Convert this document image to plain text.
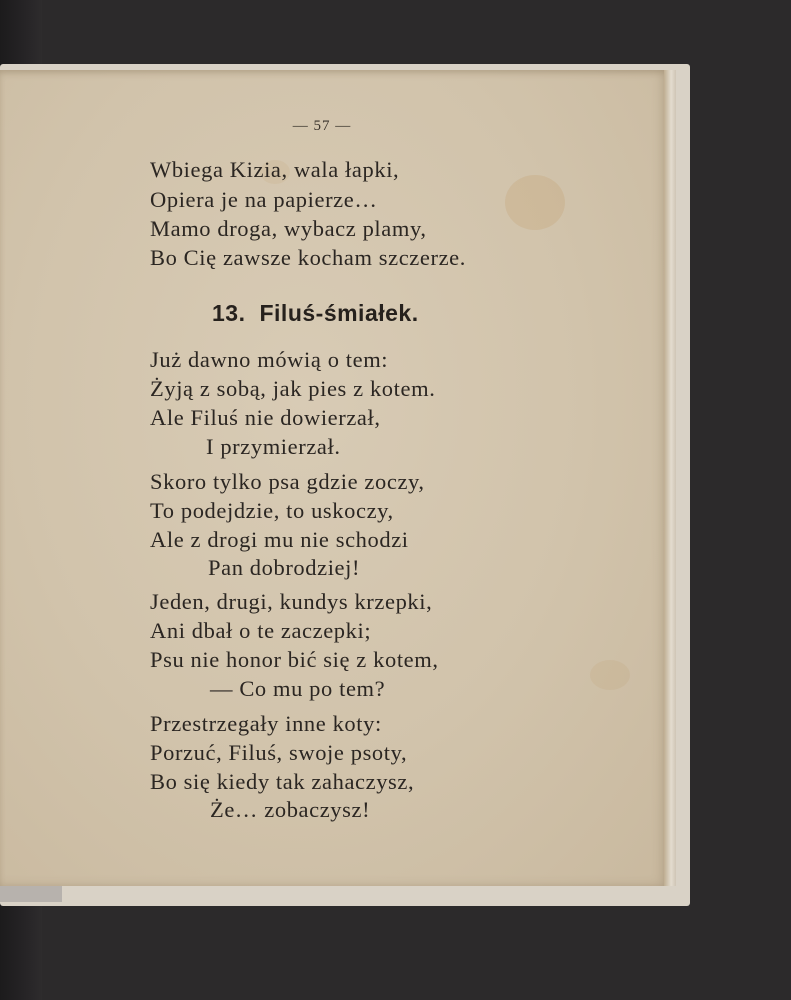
— 57 —
Wbiega Kizia, wala łapki,
Opiera je na papierze…
Mamo droga, wybacz plamy,
Bo Cię zawsze kocham szczerze.
13. Filuś-śmiałek.
Już dawno mówią o tem:
Żyją z sobą, jak pies z kotem.
Ale Filuś nie dowierzał,
I przymierzał.
Skoro tylko psa gdzie zoczy,
To podejdzie, to uskoczy,
Ale z drogi mu nie schodzi
Pan dobrodziej!
Jeden, drugi, kundys krzepki,
Ani dbał o te zaczepki;
Psu nie honor bić się z kotem,
— Co mu po tem?
Przestrzegały inne koty:
Porzuć, Filuś, swoje psoty,
Bo się kiedy tak zahaczysz,
Że… zobaczysz!
